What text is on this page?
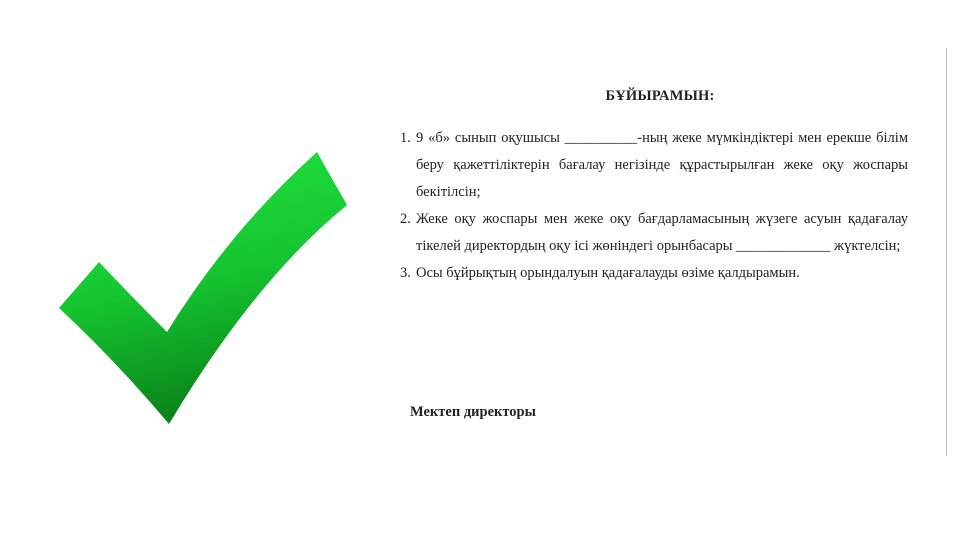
БҰЙЫРАМЫН:
1. 9 «б» сынып оқушысы __________-ның жеке мүмкіндіктері мен ерекше білім беру қажеттіліктерін бағалау негізінде құрастырылған жеке оқу жоспары бекітілсін;
2. Жеке оқу жоспары мен жеке оқу бағдарламасының жүзеге асуын қадағалау тікелей директордың оқу ісі жөніндегі орынбасары _____________ жүктелсін;
3. Осы бұйрықтың орындалуын қадағалауды өзіме қалдырамын.
Мектеп директоры
